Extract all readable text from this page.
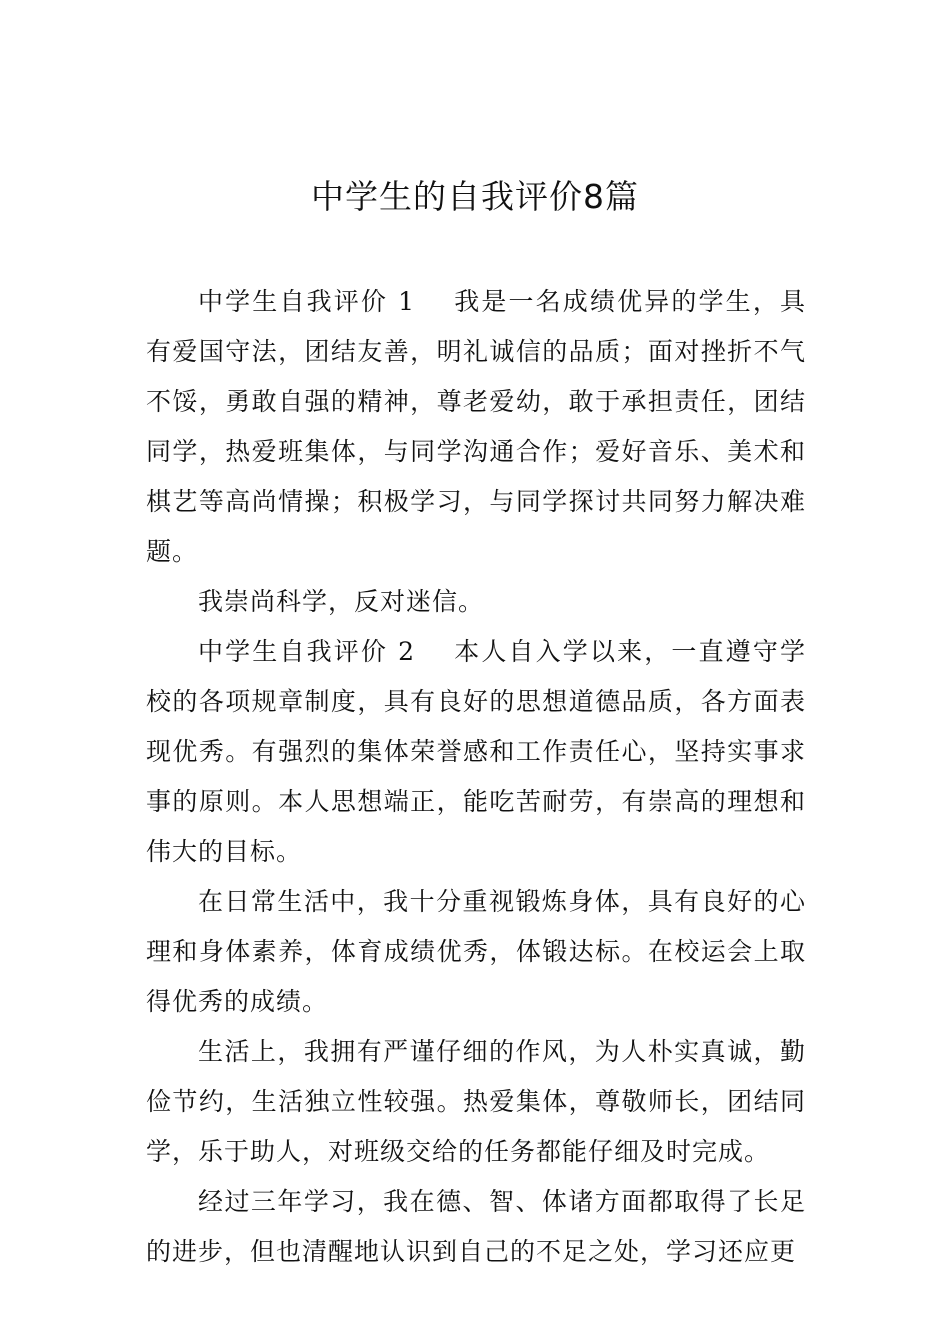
中学生的自我评价8篇

中学生自我评价 1 我是一名成绩优异的学生，具有爱国守法，团结友善，明礼诚信的品质；面对挫折不气不馁，勇敢自强的精神，尊老爱幼，敢于承担责任，团结同学，热爱班集体，与同学沟通合作；爱好音乐、美术和棋艺等高尚情操；积极学习，与同学探讨共同努力解决难题。

我崇尚科学，反对迷信。

中学生自我评价 2 本人自入学以来，一直遵守学校的各项规章制度，具有良好的思想道德品质，各方面表现优秀。有强烈的集体荣誉感和工作责任心，坚持实事求事的原则。本人思想端正，能吃苦耐劳，有崇高的理想和伟大的目标。

在日常生活中，我十分重视锻炼身体，具有良好的心理和身体素养，体育成绩优秀，体锻达标。在校运会上取得优秀的成绩。

生活上，我拥有严谨仔细的作风，为人朴实真诚，勤俭节约，生活独立性较强。热爱集体，尊敬师长，团结同学，乐于助人，对班级交给的任务都能仔细及时完成。

经过三年学习，我在德、智、体诸方面都取得了长足的进步，但也清醒地认识到自己的不足之处，学习还应更
